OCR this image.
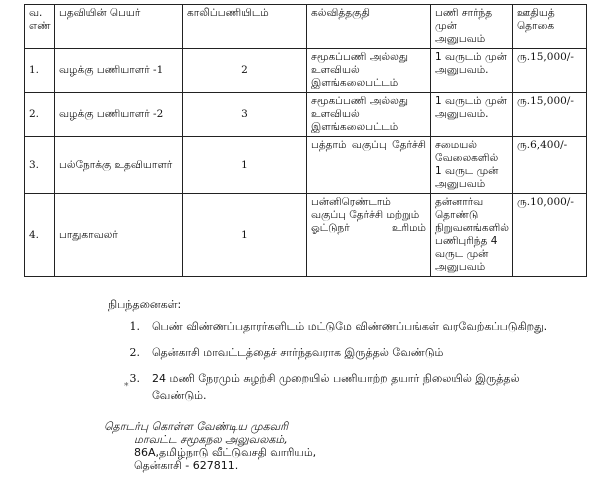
வ. எண்	பதவியின் பெயர்	காலிப்பணியிடம்	கல்வித்தகுதி	பணி சார்ந்த முன் அனுபவம்	ஊதியத் தொகை
1.	வழக்கு பணியாளர் -1	2	சமூகப்பணி அல்லது உளவியல் இளங்கலைபட்டம்	1 வருடம் முன் அனுபவம்.	ரு.15,000/-
2.	வழக்கு பணியாளர் -2	3	சமூகப்பணி அல்லது உளவியல் இளங்கலைபட்டம்	1 வருடம் முன் அனுபவம்.	ரு.15,000/-
3.	பல்நோக்கு உதவியாளர்	1	பத்தாம் வகுப்பு தேர்ச்சி	சமையல் வேலைகளில் 1 வருட முன் அனுபவம்	ரு.6,400/-
4.	பாதுகாவலர்	1	பன்னிரெண்டாம் வகுப்பு தேர்ச்சி மற்றும் ஓட்டுநர் உரிமம்	தன்னார்வ தொண்டு நிறுவனங்களில் பணிபுரிந்த 4 வருட முன் அனுபவம்	ரு.10,000/-
நிபந்தனைகள்:
1.	பெண் விண்ணப்பதாரர்களிடம் மட்டுமே விண்ணப்பங்கள் வரவேற்கப்படுகிறது.
2.	தென்காசி மாவட்டத்தைச் சார்ந்தவராக இருத்தல் வேண்டும்
3.	24 மணி நேரமும் சுழற்சி முறையில் பணியாற்ற தயார் நிலையில் இருத்தல் வேண்டும்.
*
தொடர்பு கொள்ள வேண்டிய முகவரி
மாவட்ட சமூகநல அலுவலகம்,
86A,தமிழ்நாடு வீட்டுவசதி வாரியம்,
தென்காசி - 627811.
